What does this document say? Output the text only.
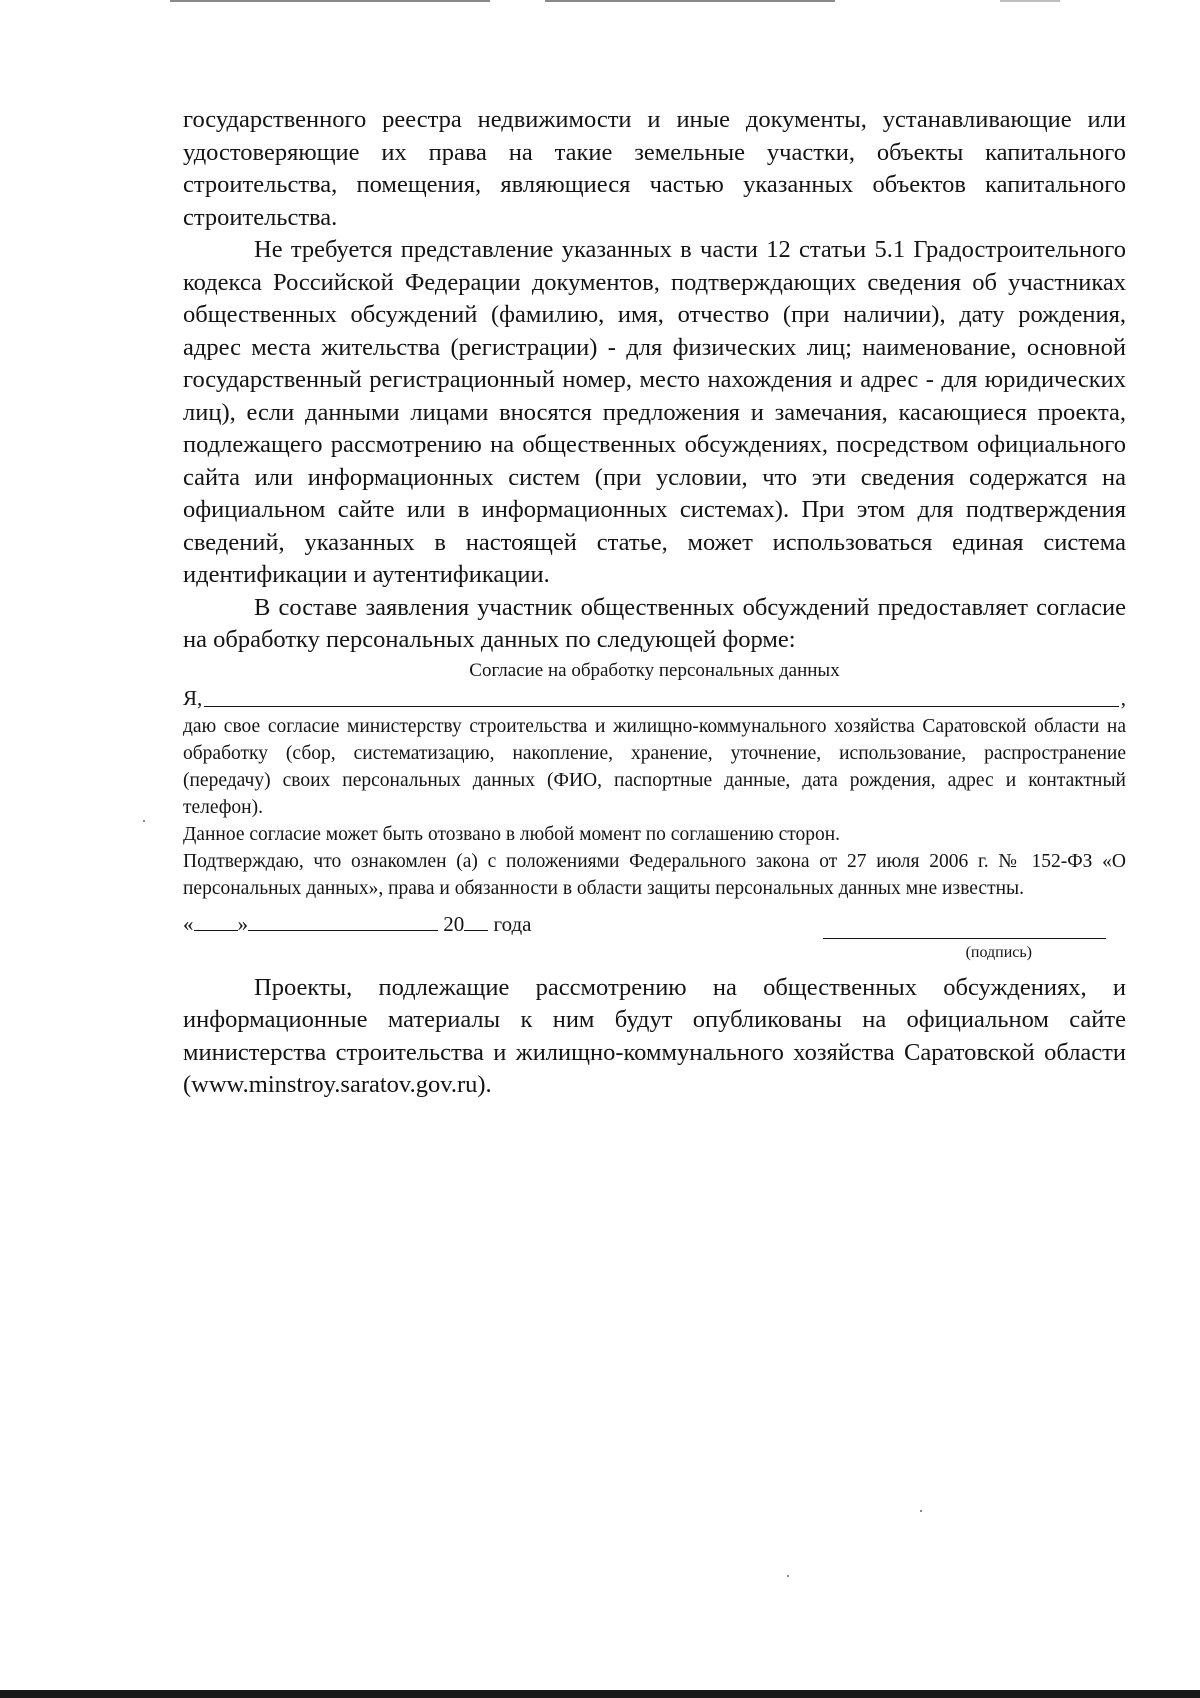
государственного реестра недвижимости и иные документы, устанавливающие или удостоверяющие их права на такие земельные участки, объекты капитального строительства, помещения, являющиеся частью указанных объектов капитального строительства.

Не требуется представление указанных в части 12 статьи 5.1 Градостроительного кодекса Российской Федерации документов, подтверждающих сведения об участниках общественных обсуждений (фамилию, имя, отчество (при наличии), дату рождения, адрес места жительства (регистрации) - для физических лиц; наименование, основной государственный регистрационный номер, место нахождения и адрес - для юридических лиц), если данными лицами вносятся предложения и замечания, касающиеся проекта, подлежащего рассмотрению на общественных обсуждениях, посредством официального сайта или информационных систем (при условии, что эти сведения содержатся на официальном сайте или в информационных системах). При этом для подтверждения сведений, указанных в настоящей статье, может использоваться единая система идентификации и аутентификации.

В составе заявления участник общественных обсуждений предоставляет согласие на обработку персональных данных по следующей форме:

Согласие на обработку персональных данных
Я,	,

даю свое согласие министерству строительства и жилищно-коммунального хозяйства Саратовской области на обработку (сбор, систематизацию, накопление, хранение, уточнение, использование, распространение (передачу) своих персональных данных (ФИО, паспортные данные, дата рождения, адрес и контактный телефон).

Данное согласие может быть отозвано в любой момент по соглашению сторон.

Подтверждаю, что ознакомлен (а) с положениями Федерального закона от 27 июля 2006 г. № 152-ФЗ «О персональных данных», права и обязанности в области защиты персональных данных мне известны.

« »	20 года
(подпись)

Проекты, подлежащие рассмотрению на общественных обсуждениях, и информационные материалы к ним будут опубликованы на официальном сайте министерства строительства и жилищно-коммунального хозяйства Саратовской области (www.minstroy.saratov.gov.ru).
